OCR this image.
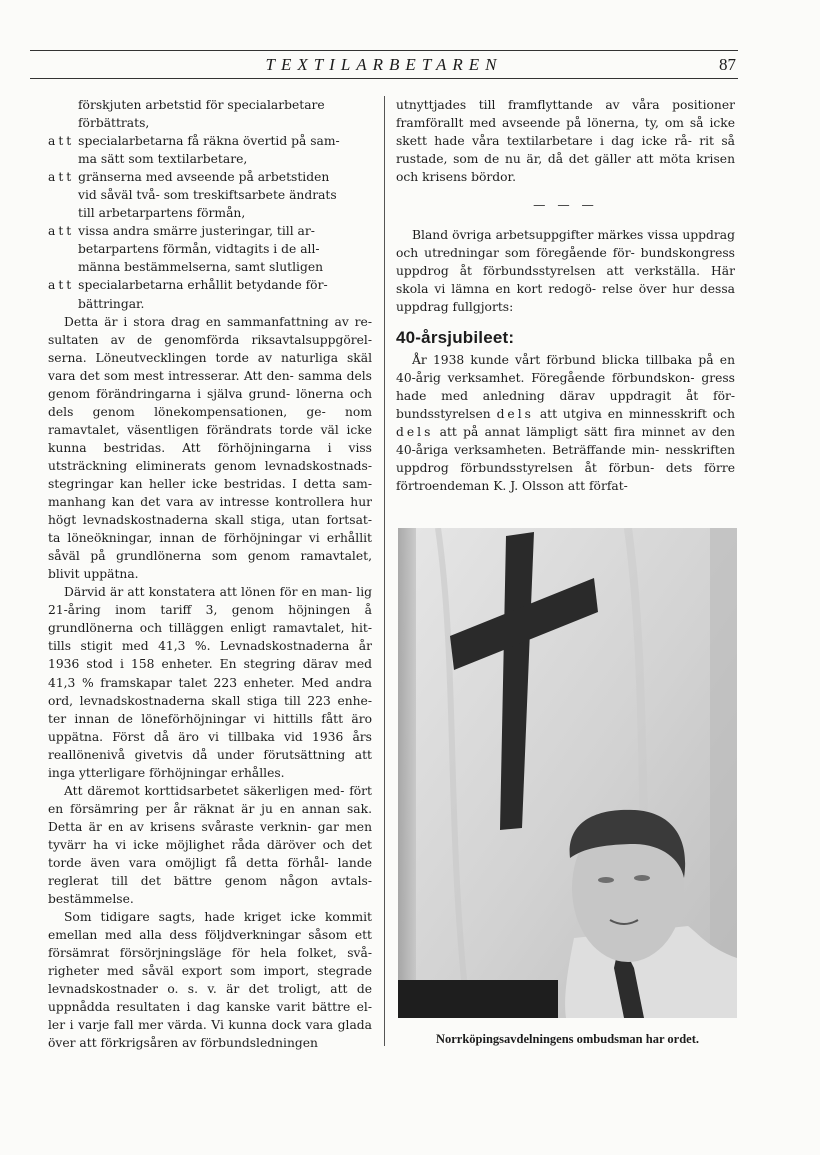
TEXTILARBETAREN	87
förskjuten arbetstid för specialarbetare
förbättrats,
att specialarbetarna få räkna övertid på sam-
ma sätt som textilarbetare,
att gränserna med avseende på arbetstiden
vid såväl två- som treskiftsarbete ändrats
till arbetarpartens förmån,
att vissa andra smärre justeringar, till ar-
betarpartens förmån, vidtagits i de all-
männa bestämmelserna, samt slutligen
att specialarbetarna erhållit betydande för-
bättringar.

Detta är i stora drag en sammanfattning av re- sultaten av de genomförda riksavtalsuppgörel- serna. Löneutvecklingen torde av naturliga skäl vara det som mest intresserar. Att den- samma dels genom förändringarna i själva grund- lönerna och dels genom lönekompensationen, ge- nom ramavtalet, väsentligen förändrats torde väl icke kunna bestridas. Att förhöjningarna i viss utsträckning eliminerats genom levnadskostnads- stegringar kan heller icke bestridas. I detta sam- manhang kan det vara av intresse kontrollera hur högt levnadskostnaderna skall stiga, utan fortsat- ta löneökningar, innan de förhöjningar vi erhållit såväl på grundlönerna som genom ramavtalet, blivit uppätna.

Därvid är att konstatera att lönen för en man- lig 21-åring inom tariff 3, genom höjningen å grundlönerna och tilläggen enligt ramavtalet, hit- tills stigit med 41,3 %. Levnadskostnaderna år 1936 stod i 158 enheter. En stegring därav med 41,3 % framskapar talet 223 enheter. Med andra ord, levnadskostnaderna skall stiga till 223 enhe- ter innan de löneförhöjningar vi hittills fått äro uppätna. Först då äro vi tillbaka vid 1936 års reallönenivå givetvis då under förutsättning att inga ytterligare förhöjningar erhålles.

Att däremot korttidsarbetet säkerligen med- fört en försämring per år räknat är ju en annan sak. Detta är en av krisens svåraste verknin- gar men tyvärr ha vi icke möjlighet råda däröver och det torde även vara omöjligt få detta förhål- lande reglerat till det bättre genom någon avtals- bestämmelse.

Som tidigare sagts, hade kriget icke kommit emellan med alla dess följdverkningar såsom ett försämrat försörjningsläge för hela folket, svå- righeter med såväl export som import, stegrade levnadskostnader o. s. v. är det troligt, att de uppnådda resultaten i dag kanske varit bättre el- ler i varje fall mer värda. Vi kunna dock vara glada över att förkrigsåren av förbundsledningen

utnyttjades till framflyttande av våra positioner framförallt med avseende på lönerna, ty, om så icke skett hade våra textilarbetare i dag icke rå- rit så rustade, som de nu är, då det gäller att möta krisen och krisens bördor.

— — —

Bland övriga arbetsuppgifter märkes vissa uppdrag och utredningar som föregående för- bundskongress uppdrog åt förbundsstyrelsen att verkställa. Här skola vi lämna en kort redogö- relse över hur dessa uppdrag fullgjorts:

40-årsjubileet:

År 1938 kunde vårt förbund blicka tillbaka på en 40-årig verksamhet. Föregående förbundskon- gress hade med anledning därav uppdragit åt för- bundsstyrelsen dels att utgiva en minnesskrift och dels att på annat lämpligt sätt fira minnet av den 40-åriga verksamheten. Beträffande min- nesskriften uppdrog förbundsstyrelsen åt förbun- dets förre förtroendeman K. J. Olsson att förfat-

Norrköpingsavdelningens ombudsman har ordet.
